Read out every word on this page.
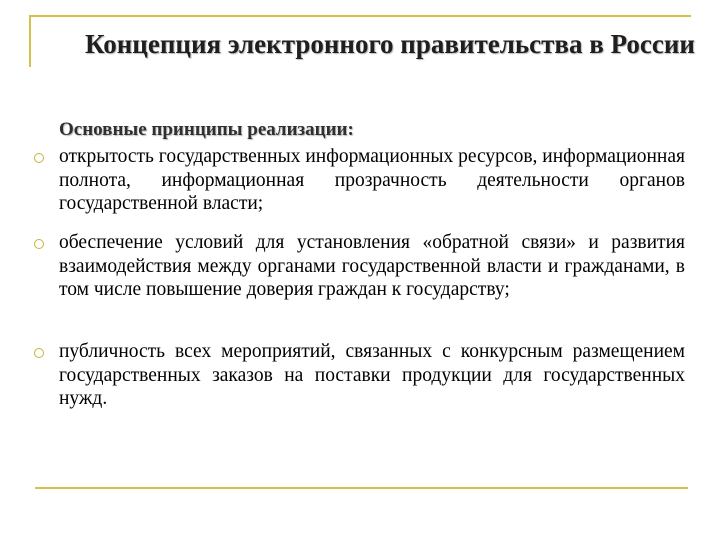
Концепция электронного правительства в России
Основные принципы реализации:
открытость государственных информационных ресурсов, информационная полнота, информационная прозрачность деятельности органов государственной власти;
обеспечение условий для установления «обратной связи» и развития взаимодействия между органами государственной власти и гражданами, в том числе повышение доверия граждан к государству;
публичность всех мероприятий, связанных с конкурсным размещением государственных заказов на поставки продукции для государственных нужд.
